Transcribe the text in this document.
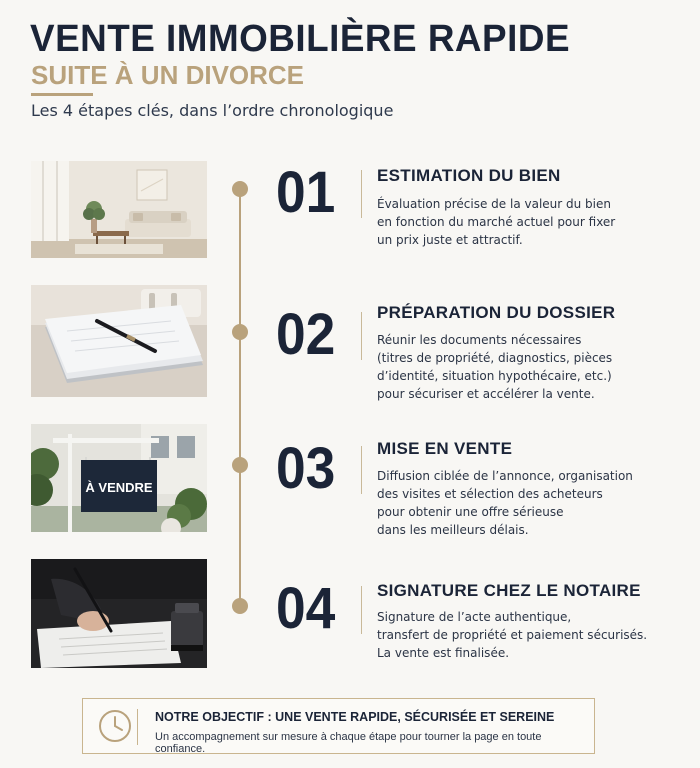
VENTE IMMOBILIÈRE RAPIDE
SUITE À UN DIVORCE
Les 4 étapes clés, dans l’ordre chronologique
À VENDRE
01 ESTIMATION DU BIEN
Évaluation précise de la valeur du bien
en fonction du marché actuel pour fixer
un prix juste et attractif.
02 PRÉPARATION DU DOSSIER
Réunir les documents nécessaires
(titres de propriété, diagnostics, pièces
d’identité, situation hypothécaire, etc.)
pour sécuriser et accélérer la vente.
03 MISE EN VENTE
Diffusion ciblée de l’annonce, organisation
des visites et sélection des acheteurs
pour obtenir une offre sérieuse
dans les meilleurs délais.
04 SIGNATURE CHEZ LE NOTAIRE
Signature de l’acte authentique,
transfert de propriété et paiement sécurisés.
La vente est finalisée.
NOTRE OBJECTIF : UNE VENTE RAPIDE, SÉCURISÉE ET SEREINE
Un accompagnement sur mesure à chaque étape pour tourner la page en toute confiance.
